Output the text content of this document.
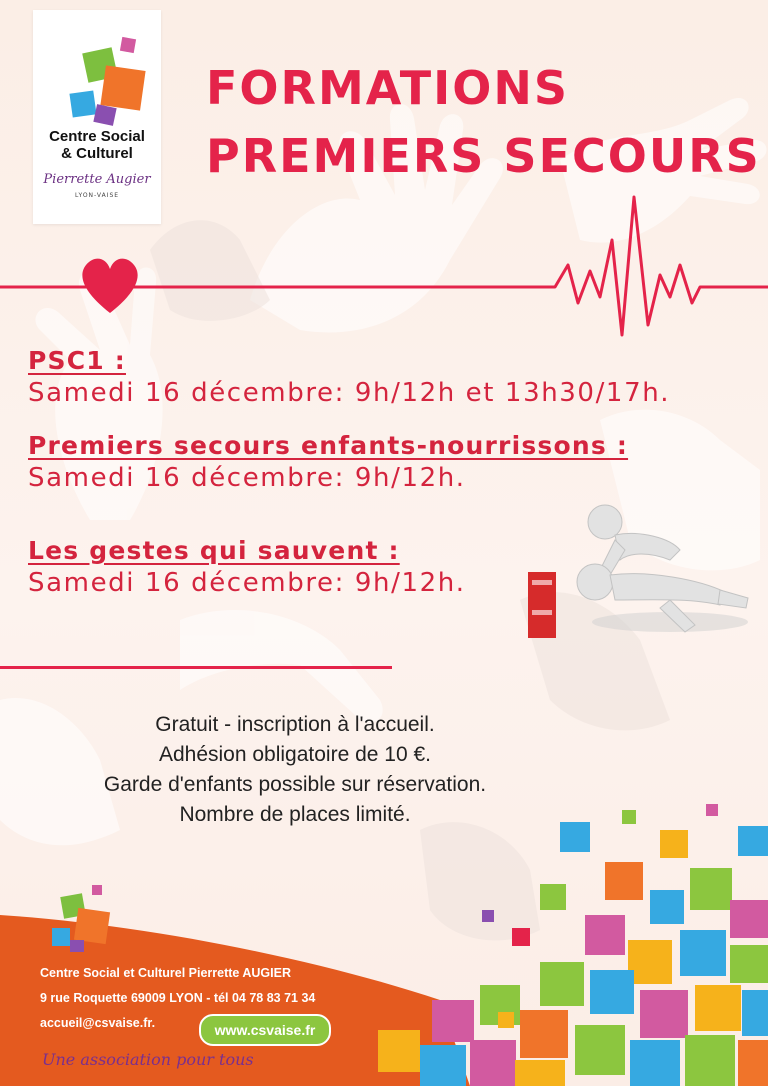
Centre Social
& Culturel
Pierrette Augier
LYON-VAISE
FORMATIONS
PREMIERS SECOURS
PSC1 :
Samedi 16 décembre: 9h/12h et 13h30/17h.
Premiers secours enfants-nourrissons :
Samedi 16 décembre: 9h/12h.
Les gestes qui sauvent :
Samedi 16 décembre: 9h/12h.
Gratuit - inscription à l'accueil.
Adhésion obligatoire de 10 €.
Garde d'enfants possible sur réservation.
Nombre de places limité.
Centre Social et Culturel Pierrette AUGIER
9 rue Roquette 69009 LYON - tél 04 78 83 71 34
accueil@csvaise.fr.	www.csvaise.fr
Une association pour tous
